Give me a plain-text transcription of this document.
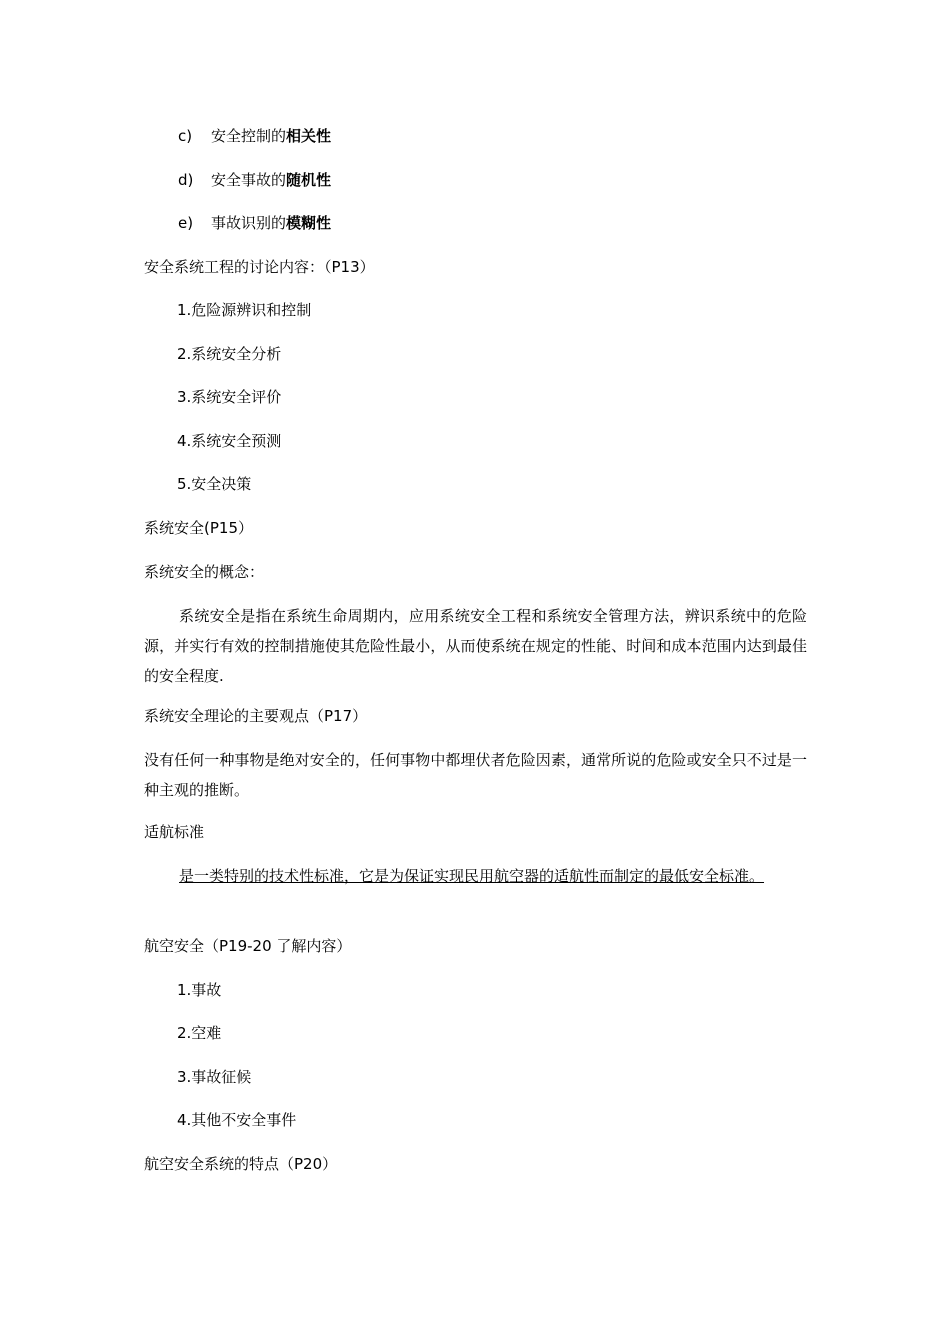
c) 安全控制的相关性
d) 安全事故的随机性
e) 事故识别的模糊性
安全系统工程的讨论内容：（P13）
1.危险源辨识和控制
2.系统安全分析
3.系统安全评价
4.系统安全预测
5.安全决策
系统安全(P15）
系统安全的概念：
系统安全是指在系统生命周期内，应用系统安全工程和系统安全管理方法，辨识系统中的危险源，并实行有效的控制措施使其危险性最小，从而使系统在规定的性能、时间和成本范围内达到最佳的安全程度.
系统安全理论的主要观点（P17）
没有任何一种事物是绝对安全的，任何事物中都埋伏者危险因素，通常所说的危险或安全只不过是一种主观的推断。
适航标准
是一类特别的技术性标准，它是为保证实现民用航空器的适航性而制定的最低安全标准。
航空安全（P19-20 了解内容）
1.事故
2.空难
3.事故征候
4.其他不安全事件
航空安全系统的特点（P20）
